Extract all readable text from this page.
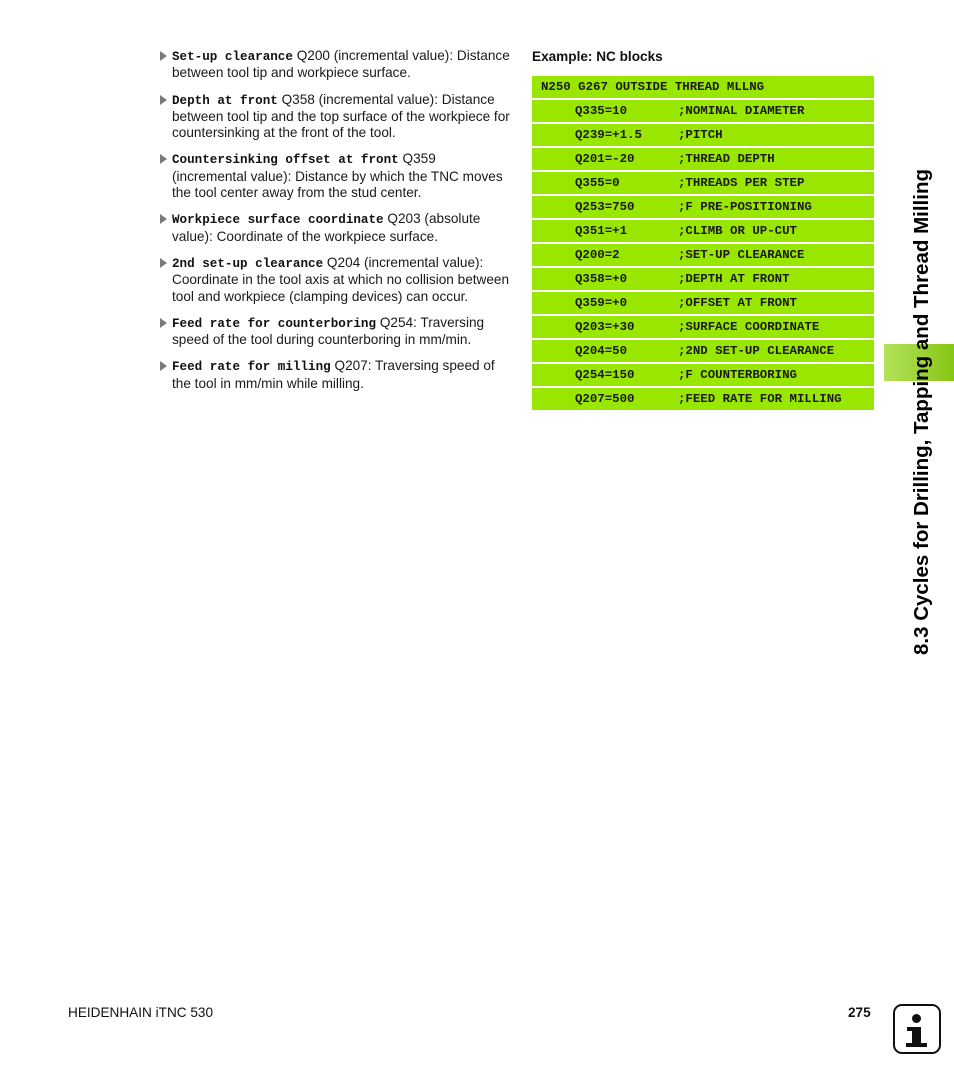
Set-up clearance Q200 (incremental value): Distance between tool tip and workpiece surface.
Depth at front Q358 (incremental value): Distance between tool tip and the top surface of the workpiece for countersinking at the front of the tool.
Countersinking offset at front Q359 (incremental value): Distance by which the TNC moves the tool center away from the stud center.
Workpiece surface coordinate Q203 (absolute value): Coordinate of the workpiece surface.
2nd set-up clearance Q204 (incremental value): Coordinate in the tool axis at which no collision between tool and workpiece (clamping devices) can occur.
Feed rate for counterboring Q254: Traversing speed of the tool during counterboring in mm/min.
Feed rate for milling Q207: Traversing speed of the tool in mm/min while milling.
Example: NC blocks
N250 G267 OUTSIDE THREAD MLLNG
Q335=10	;NOMINAL DIAMETER
Q239=+1.5	;PITCH
Q201=-20	;THREAD DEPTH
Q355=0	;THREADS PER STEP
Q253=750	;F PRE-POSITIONING
Q351=+1	;CLIMB OR UP-CUT
Q200=2	;SET-UP CLEARANCE
Q358=+0	;DEPTH AT FRONT
Q359=+0	;OFFSET AT FRONT
Q203=+30	;SURFACE COORDINATE
Q204=50	;2ND SET-UP CLEARANCE
Q254=150	;F COUNTERBORING
Q207=500	;FEED RATE FOR MILLING	8.3 Cycles for Drilling, Tapping and Thread Milling
HEIDENHAIN iTNC 530	275
